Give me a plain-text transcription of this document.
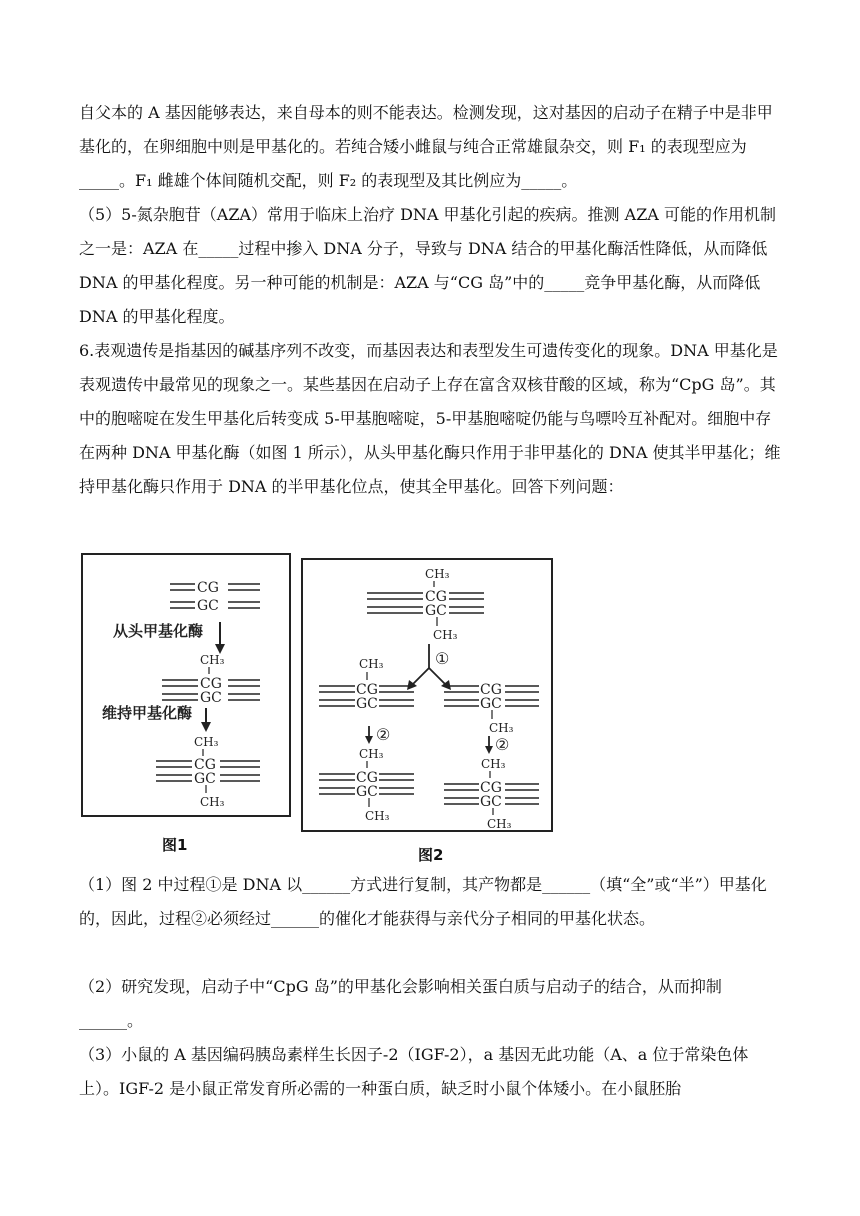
自父本的 A 基因能够表达，来自母本的则不能表达。检测发现，这对基因的启动子在精子中是非甲基化的，在卵细胞中则是甲基化的。若纯合矮小雌鼠与纯合正常雄鼠杂交，则 F₁ 的表现型应为_____。F₁ 雌雄个体间随机交配，则 F₂ 的表现型及其比例应为_____。
（5）5-氮杂胞苷（AZA）常用于临床上治疗 DNA 甲基化引起的疾病。推测 AZA 可能的作用机制之一是：AZA 在_____过程中掺入 DNA 分子，导致与 DNA 结合的甲基化酶活性降低，从而降低 DNA 的甲基化程度。另一种可能的机制是：AZA 与“CG 岛”中的_____竞争甲基化酶，从而降低 DNA 的甲基化程度。
6.表观遗传是指基因的碱基序列不改变，而基因表达和表型发生可遗传变化的现象。DNA 甲基化是表观遗传中最常见的现象之一。某些基因在启动子上存在富含双核苷酸的区域，称为“CpG 岛”。其中的胞嘧啶在发生甲基化后转变成 5-甲基胞嘧啶，5-甲基胞嘧啶仍能与鸟嘌呤互补配对。细胞中存在两种 DNA 甲基化酶（如图 1 所示），从头甲基化酶只作用于非甲基化的 DNA 使其半甲基化；维持甲基化酶只作用于 DNA 的半甲基化位点，使其全甲基化。回答下列问题：
CG
GC
从头甲基化酶
CH₃
CG
GC
维持甲基化酶
CH₃
CG
GC
CH₃
图1
CH₃
CG
GC
CH₃
①
CH₃
CG
GC
CG
GC
CH₃
②
②
CH₃
CG
GC
CH₃
CH₃
CG
GC
CH₃
图2
（1）图 2 中过程①是 DNA 以______方式进行复制，其产物都是______（填“全”或“半”）甲基化的，因此，过程②必须经过______的催化才能获得与亲代分子相同的甲基化状态。
（2）研究发现，启动子中“CpG 岛”的甲基化会影响相关蛋白质与启动子的结合，从而抑制______。
（3）小鼠的 A 基因编码胰岛素样生长因子-2（IGF-2），a 基因无此功能（A、a 位于常染色体上）。IGF-2 是小鼠正常发育所必需的一种蛋白质，缺乏时小鼠个体矮小。在小鼠胚胎
